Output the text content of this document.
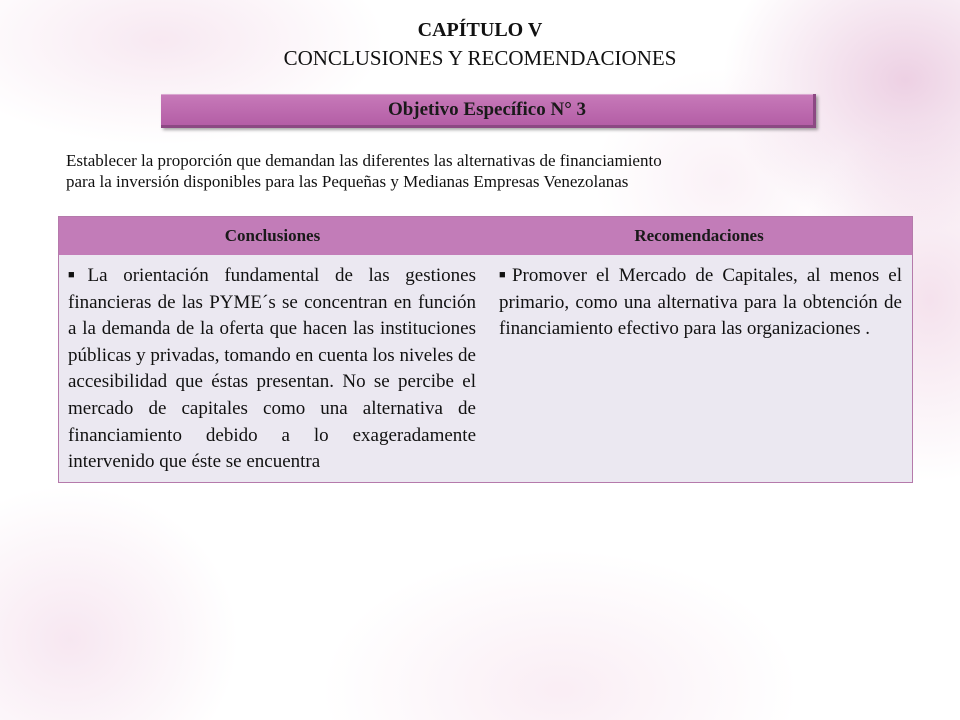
CAPÍTULO V
CONCLUSIONES Y RECOMENDACIONES
Objetivo Específico N° 3
Establecer la proporción que demandan las diferentes las alternativas de financiamiento
para la inversión disponibles para las Pequeñas y Medianas Empresas Venezolanas
Conclusiones	Recomendaciones

■ La orientación fundamental de las gestiones financieras de las PYME´s se concentran en función a la demanda de la oferta que hacen las instituciones públicas y privadas, tomando en cuenta los niveles de accesibilidad que éstas presentan. No se percibe el mercado de capitales como una alternativa de financiamiento debido a lo exageradamente intervenido que éste se encuentra	■ Promover el Mercado de Capitales, al menos el primario, como una alternativa para la obtención de financiamiento efectivo para las organizaciones .
